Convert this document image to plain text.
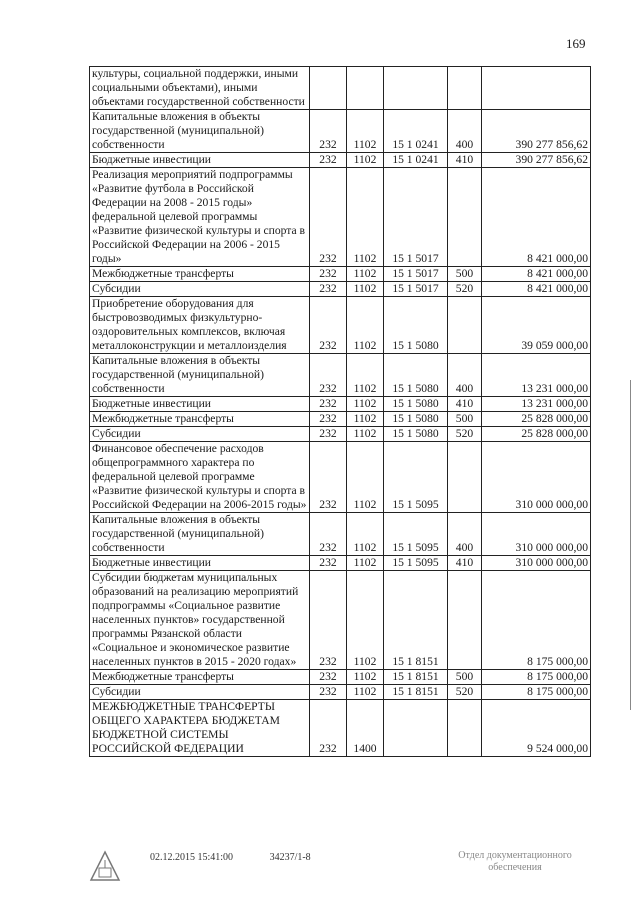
169
культуры, социальной поддержки, иными социальными объектами), иными объектами государственной собственности					
Капитальные вложения в объекты государственной (муниципальной) собственности	232	1102	15 1 0241	400	390 277 856,62
Бюджетные инвестиции	232	1102	15 1 0241	410	390 277 856,62
Реализация мероприятий подпрограммы «Развитие футбола в Российской Федерации на 2008 - 2015 годы» федеральной целевой программы «Развитие физической культуры и спорта в Российской Федерации на 2006 - 2015 годы»	232	1102	15 1 5017		8 421 000,00
Межбюджетные трансферты	232	1102	15 1 5017	500	8 421 000,00
Субсидии	232	1102	15 1 5017	520	8 421 000,00
Приобретение оборудования для быстровозводимых физкультурно-оздоровительных комплексов, включая металлоконструкции и металлоизделия	232	1102	15 1 5080		39 059 000,00
Капитальные вложения в объекты государственной (муниципальной) собственности	232	1102	15 1 5080	400	13 231 000,00
Бюджетные инвестиции	232	1102	15 1 5080	410	13 231 000,00
Межбюджетные трансферты	232	1102	15 1 5080	500	25 828 000,00
Субсидии	232	1102	15 1 5080	520	25 828 000,00
Финансовое обеспечение расходов общепрограммного характера по федеральной целевой программе «Развитие физической культуры и спорта в Российской Федерации на 2006-2015 годы»	232	1102	15 1 5095		310 000 000,00
Капитальные вложения в объекты государственной (муниципальной) собственности	232	1102	15 1 5095	400	310 000 000,00
Бюджетные инвестиции	232	1102	15 1 5095	410	310 000 000,00
Субсидии бюджетам муниципальных образований на реализацию мероприятий подпрограммы «Социальное развитие населенных пунктов» государственной программы Рязанской области «Социальное и экономическое развитие населенных пунктов в 2015 - 2020 годах»	232	1102	15 1 8151		8 175 000,00
Межбюджетные трансферты	232	1102	15 1 8151	500	8 175 000,00
Субсидии	232	1102	15 1 8151	520	8 175 000,00
МЕЖБЮДЖЕТНЫЕ ТРАНСФЕРТЫ ОБЩЕГО ХАРАКТЕРА БЮДЖЕТАМ БЮДЖЕТНОЙ СИСТЕМЫ РОССИЙСКОЙ ФЕДЕРАЦИИ	232	1400			9 524 000,00
02.12.2015 15:41:00	34237/1-8	Отдел документационного обеспечения
